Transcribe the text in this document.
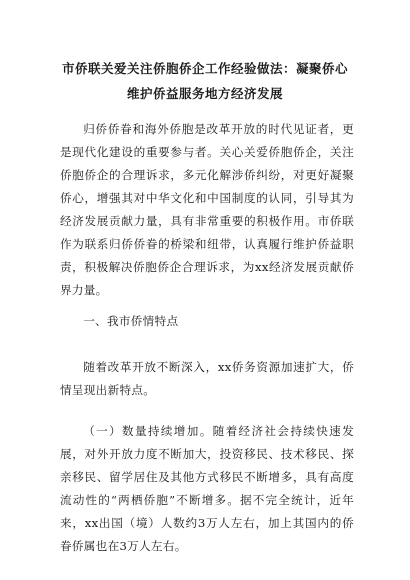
市侨联关爱关注侨胞侨企工作经验做法：凝聚侨心维护侨益服务地方经济发展

归侨侨眷和海外侨胞是改革开放的时代见证者，更是现代化建设的重要参与者。关心关爱侨胞侨企，关注侨胞侨企的合理诉求，多元化解涉侨纠纷，对更好凝聚侨心，增强其对中华文化和中国制度的认同，引导其为经济发展贡献力量，具有非常重要的积极作用。市侨联作为联系归侨侨眷的桥梁和纽带，认真履行维护侨益职责，积极解决侨胞侨企合理诉求，为xx经济发展贡献侨界力量。

一、我市侨情特点

随着改革开放不断深入，xx侨务资源加速扩大，侨情呈现出新特点。

（一）数量持续增加。随着经济社会持续快速发展，对外开放力度不断加大，投资移民、技术移民、探亲移民、留学居住及其他方式移民不断增多，具有高度流动性的“两栖侨胞”不断增多。据不完全统计，近年来，xx出国（境）人数约3万人左右，加上其国内的侨眷侨属也在3万人左右。
